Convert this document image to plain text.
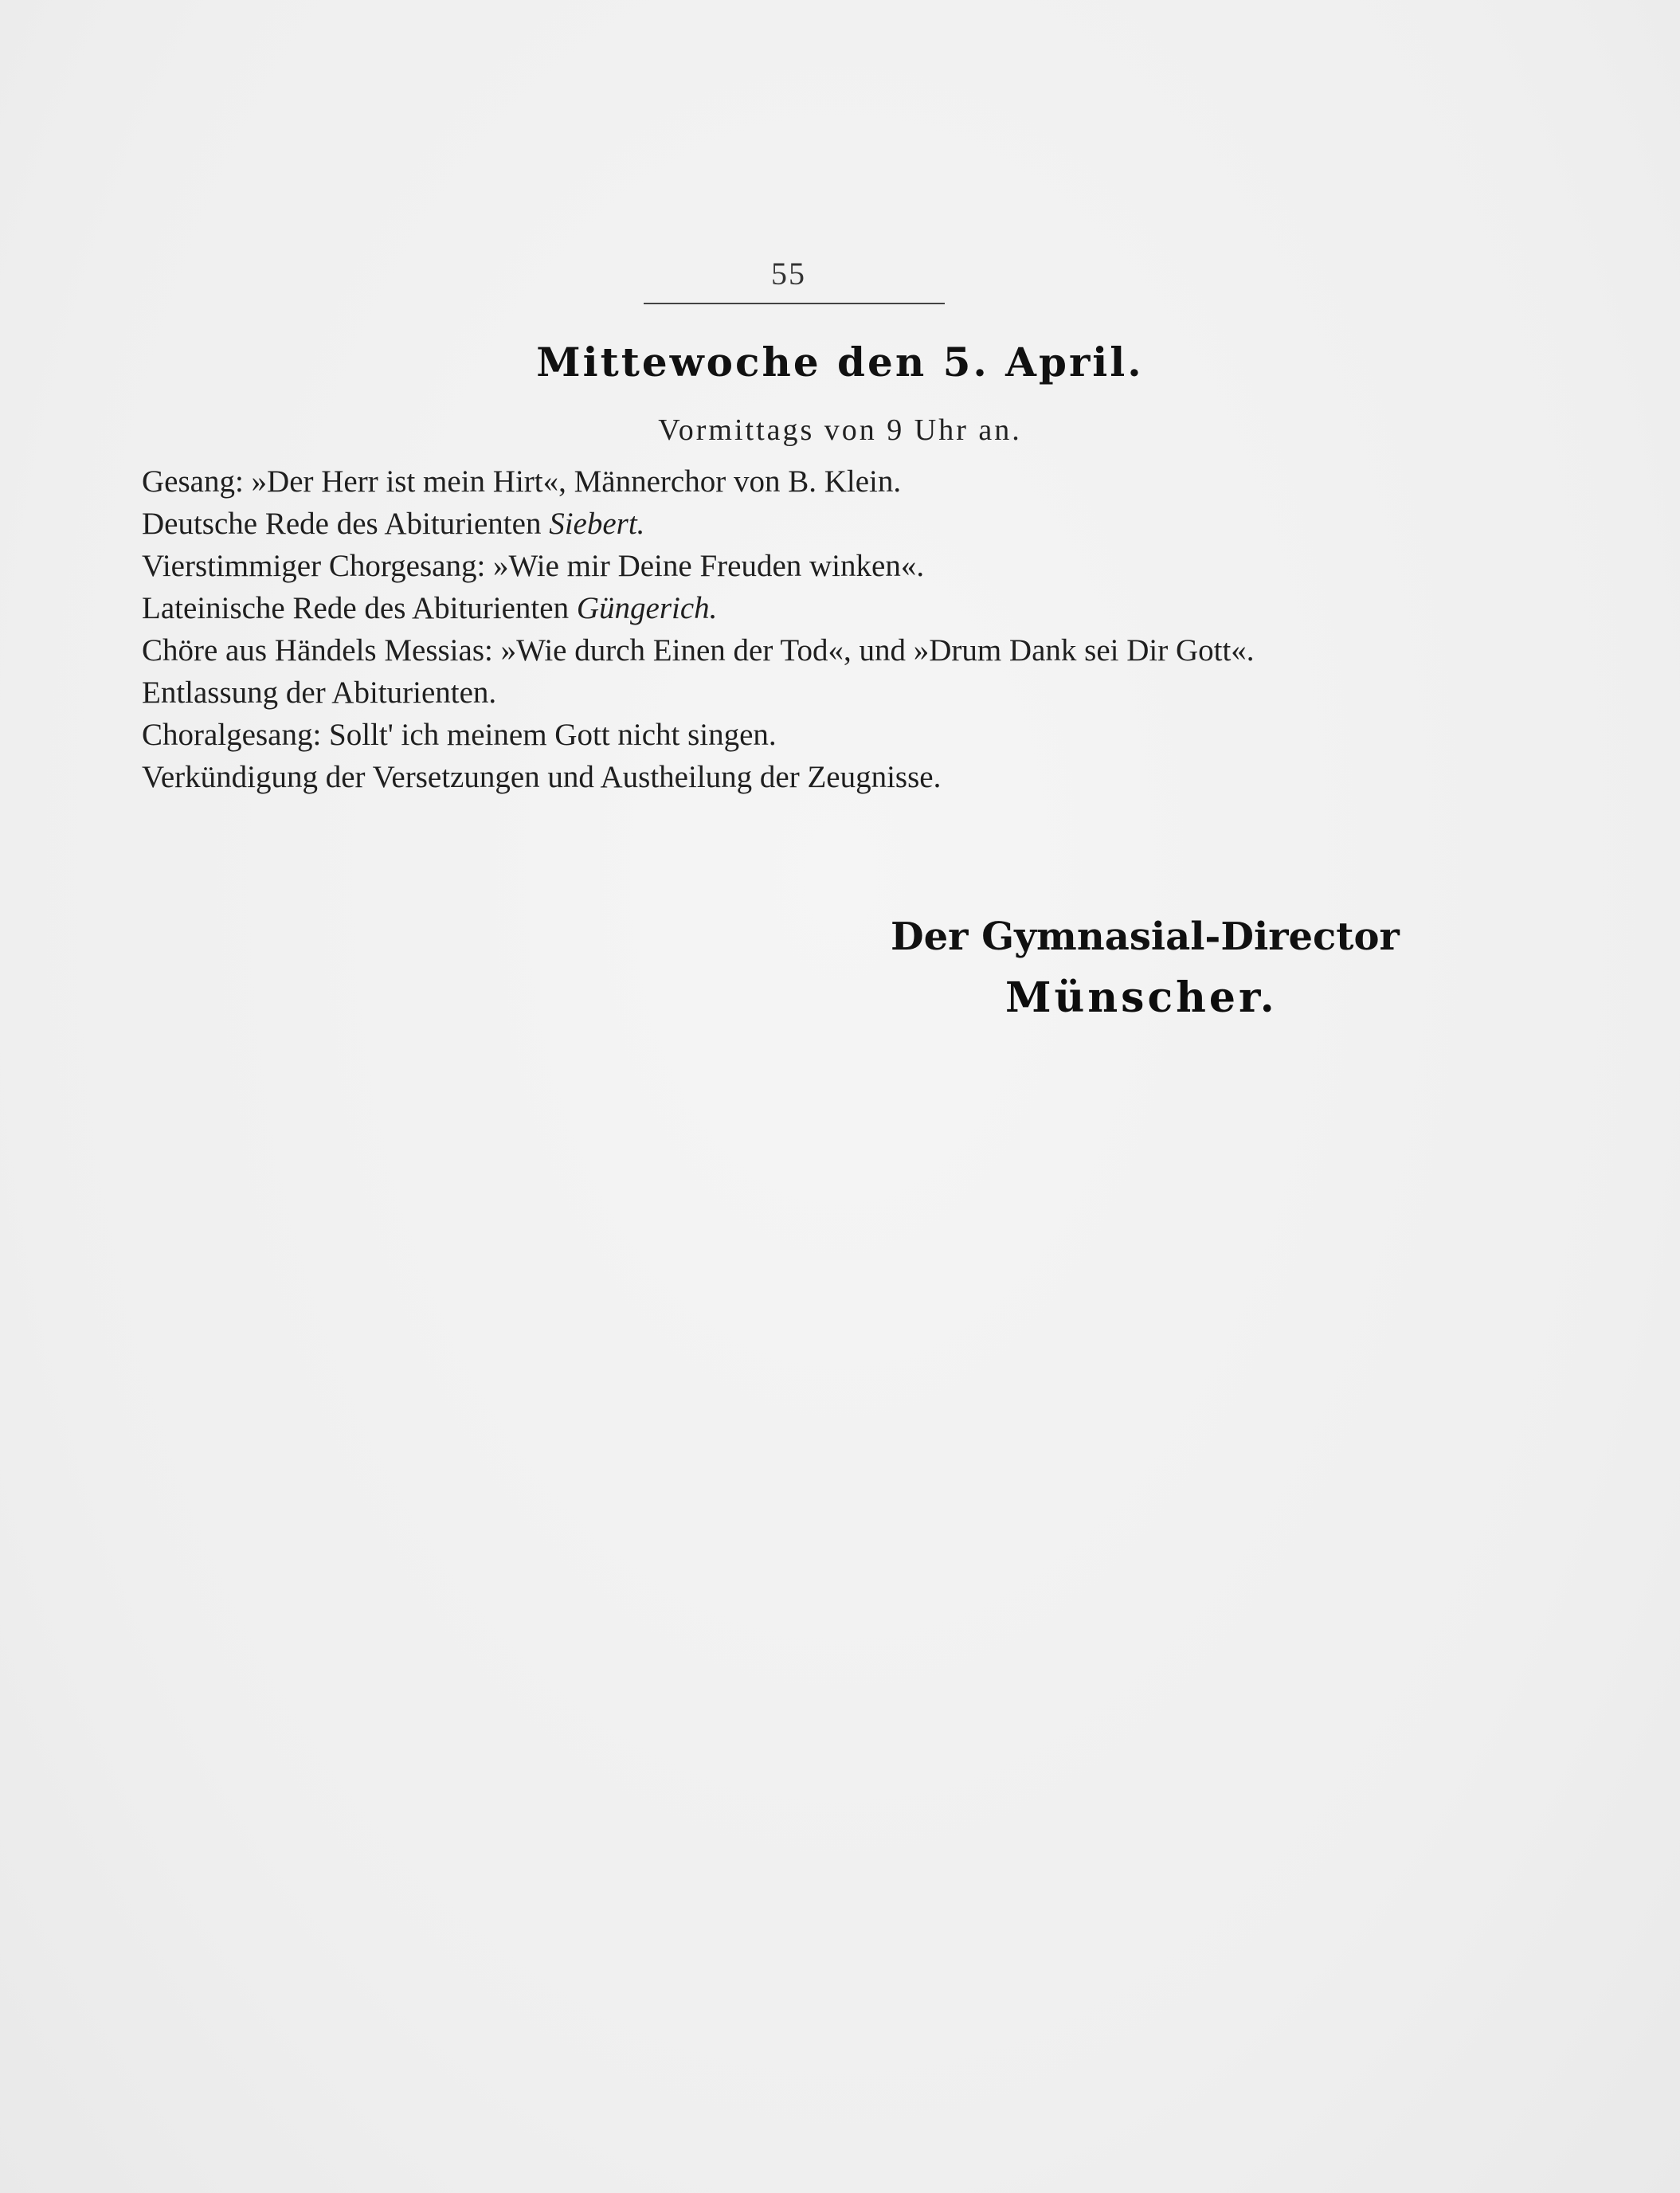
55
Mittewoche den 5. April.
Vormittags von 9 Uhr an.
Gesang: »Der Herr ist mein Hirt«, Männerchor von B. Klein.
Deutsche Rede des Abiturienten Siebert.
Vierstimmiger Chorgesang: »Wie mir Deine Freuden winken«.
Lateinische Rede des Abiturienten Güngerich.
Chöre aus Händels Messias: »Wie durch Einen der Tod«, und »Drum Dank sei Dir Gott«.
Entlassung der Abiturienten.
Choralgesang: Sollt' ich meinem Gott nicht singen.
Verkündigung der Versetzungen und Austheilung der Zeugnisse.
Der Gymnasial-Director
Münscher.
